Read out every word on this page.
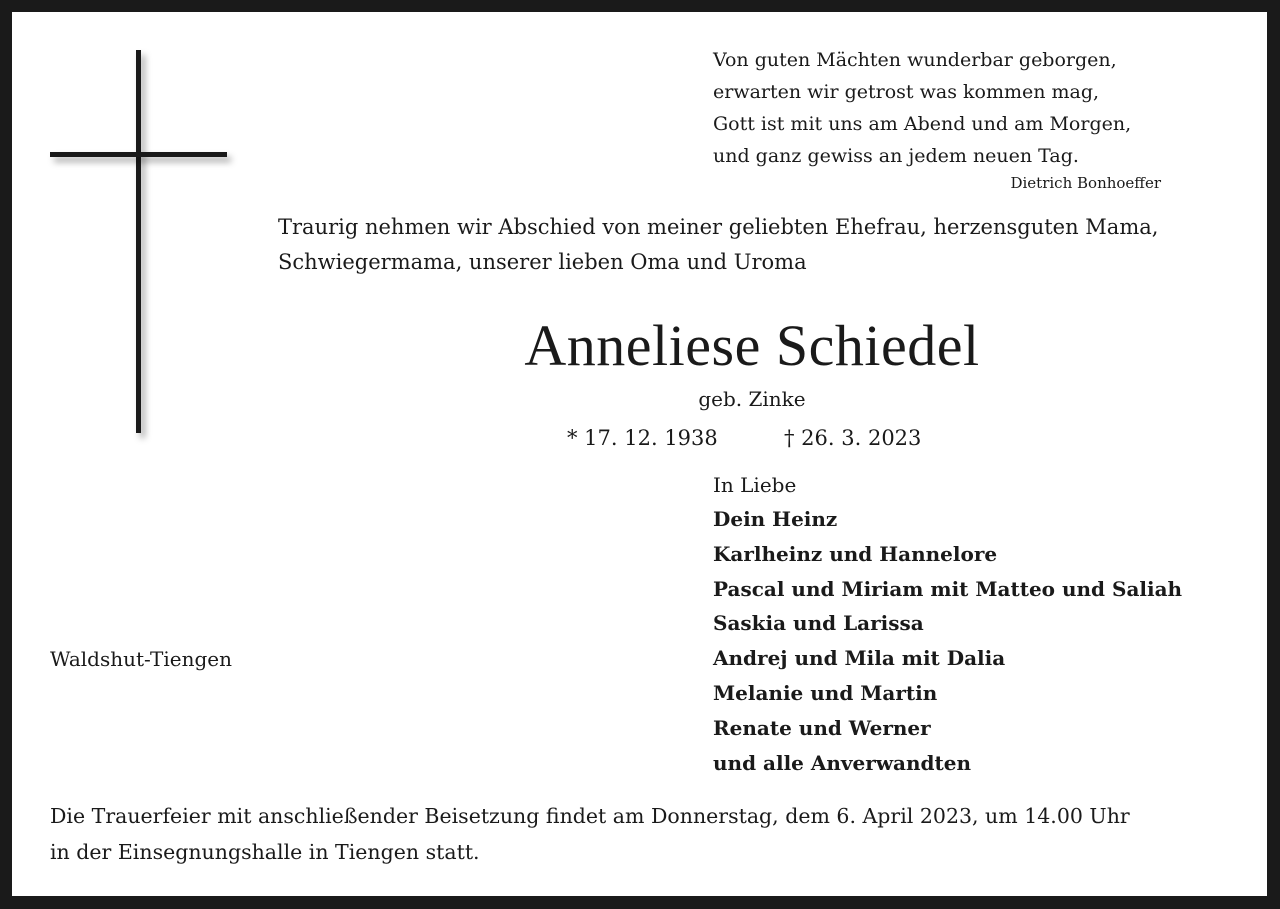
Von guten Mächten wunderbar geborgen,
erwarten wir getrost was kommen mag,
Gott ist mit uns am Abend und am Morgen,
und ganz gewiss an jedem neuen Tag.
Dietrich Bonhoeffer
Traurig nehmen wir Abschied von meiner geliebten Ehefrau, herzensguten Mama,
Schwiegermama, unserer lieben Oma und Uroma
Anneliese Schiedel
geb. Zinke
* 17. 12. 1938	† 26. 3. 2023
In Liebe
Dein Heinz
Karlheinz und Hannelore
Pascal und Miriam mit Matteo und Saliah
Saskia und Larissa
Andrej und Mila mit Dalia
Melanie und Martin
Renate und Werner
und alle Anverwandten
Waldshut-Tiengen
Die Trauerfeier mit anschließender Beisetzung findet am Donnerstag, dem 6. April 2023, um 14.00 Uhr
in der Einsegnungshalle in Tiengen statt.
